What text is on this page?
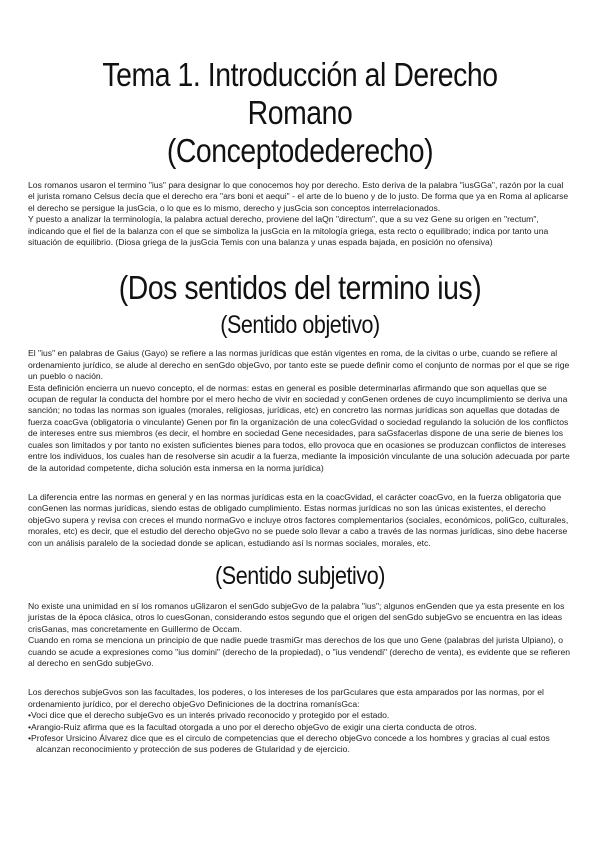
Tema 1. Introducción al Derecho Romano
(Conceptodederecho)

Los romanos usaron el termino "ius" para designar lo que conocemos hoy por derecho. Esto deriva de la palabra "iusGGa", razón por la cual el jurista romano Celsus decía que el derecho era "ars boni et aequi" - el arte de lo bueno y de lo justo. De forma que ya en Roma al aplicarse el derecho se persigue la jusGcia, o lo que es lo mismo, derecho y jusGcia son conceptos interrelacionados.

Y puesto a analizar la terminología, la palabra actual derecho, proviene del laQn "directum", que a su vez Gene su origen en "rectum", indicando que el fiel de la balanza con el que se simboliza la jusGcia en la mitología griega, esta recto o equilibrado; indica por tanto una situación de equilibrio. (Diosa griega de la jusGcia Temis con una balanza y unas espada bajada, en posición no ofensiva)

(Dos sentidos del termino ius)
(Sentido objetivo)

El "ius" en palabras de Gaius (Gayo) se refiere a las normas jurídicas que están vigentes en roma, de la civitas o urbe, cuando se refiere al ordenamiento jurídico, se alude al derecho en senGdo objeGvo, por tanto este se puede definir como el conjunto de normas por el que se rige un pueblo o nación.

Esta definición encierra un nuevo concepto, el de normas: estas en general es posible determinarlas afirmando que son aquellas que se ocupan de regular la conducta del hombre por el mero hecho de vivir en sociedad y conGenen ordenes de cuyo incumplimiento se deriva una sanción; no todas las normas son iguales (morales, religiosas, jurídicas, etc) en concretro las normas jurídicas son aquellas que dotadas de fuerza coacGva (obligatoria o vinculante) Genen por fin la organización de una colecGvidad o sociedad regulando la solución de los conflictos de intereses entre sus miembros (es decir, el hombre en sociedad Gene necesidades, para saGsfacerlas dispone de una serie de bienes los cuales son limitados y por tanto no existen suficientes bienes para todos, ello provoca que en ocasiones se produzcan conflictos de intereses entre los individuos, los cuales han de resolverse sin acudir a la fuerza, mediante la imposición vinculante de una solución adecuada por parte de la autoridad competente, dicha solución esta inmersa en la norma jurídica)

La diferencia entre las normas en general y en las normas jurídicas esta en la coacGvidad, el carácter coacGvo, en la fuerza obligatoria que conGenen las normas jurídicas, siendo estas de obligado cumplimiento. Estas normas jurídicas no son las únicas existentes, el derecho objeGvo supera y revisa con creces el mundo normaGvo e incluye otros factores complementarios (sociales, económicos, poliGco, culturales, morales, etc) es decir, que el estudio del derecho objeGvo no se puede solo llevar a cabo a través de las normas jurídicas, sino debe hacerse con un análisis paralelo de la sociedad donde se aplican, estudiando así ls normas sociales, morales, etc.

(Sentido subjetivo)

No existe una unimidad en sí los romanos uGlizaron el senGdo subjeGvo de la palabra "ius"; algunos enGenden que ya esta presente en los juristas de la época clásica, otros lo cuesGonan, considerando estos segundo que el origen del senGdo subjeGvo se encuentra en las ideas crisGanas, mas concretamente en Guillermo de Occam.

Cuando en roma se menciona un principio de que nadie puede trasmiGr mas derechos de los que uno Gene (palabras del jurista Ulpiano), o cuando se acude a expresiones como "ius domini" (derecho de la propiedad), o "ius vendendi" (derecho de venta), es evidente que se refieren al derecho en senGdo subjeGvo.

Los derechos subjeGvos son las facultades, los poderes, o los intereses de los parGculares que esta amparados por las normas, por el ordenamiento jurídico, por el derecho objeGvo Definiciones de la doctrina romanísGca:

•Voci dice que el derecho subjeGvo es un interés privado reconocido y protegido por el estado.

•Arangio-Ruiz afirma que es la facultad otorgada a uno por el derecho objeGvo de exigir una cierta conducta de otros.

•Profesor Ursicino Álvarez dice que es el circulo de competencias que el derecho objeGvo concede a los hombres y gracias al cual estos alcanzan reconocimiento y protección de sus poderes de Gtularidad y de ejercicio.
